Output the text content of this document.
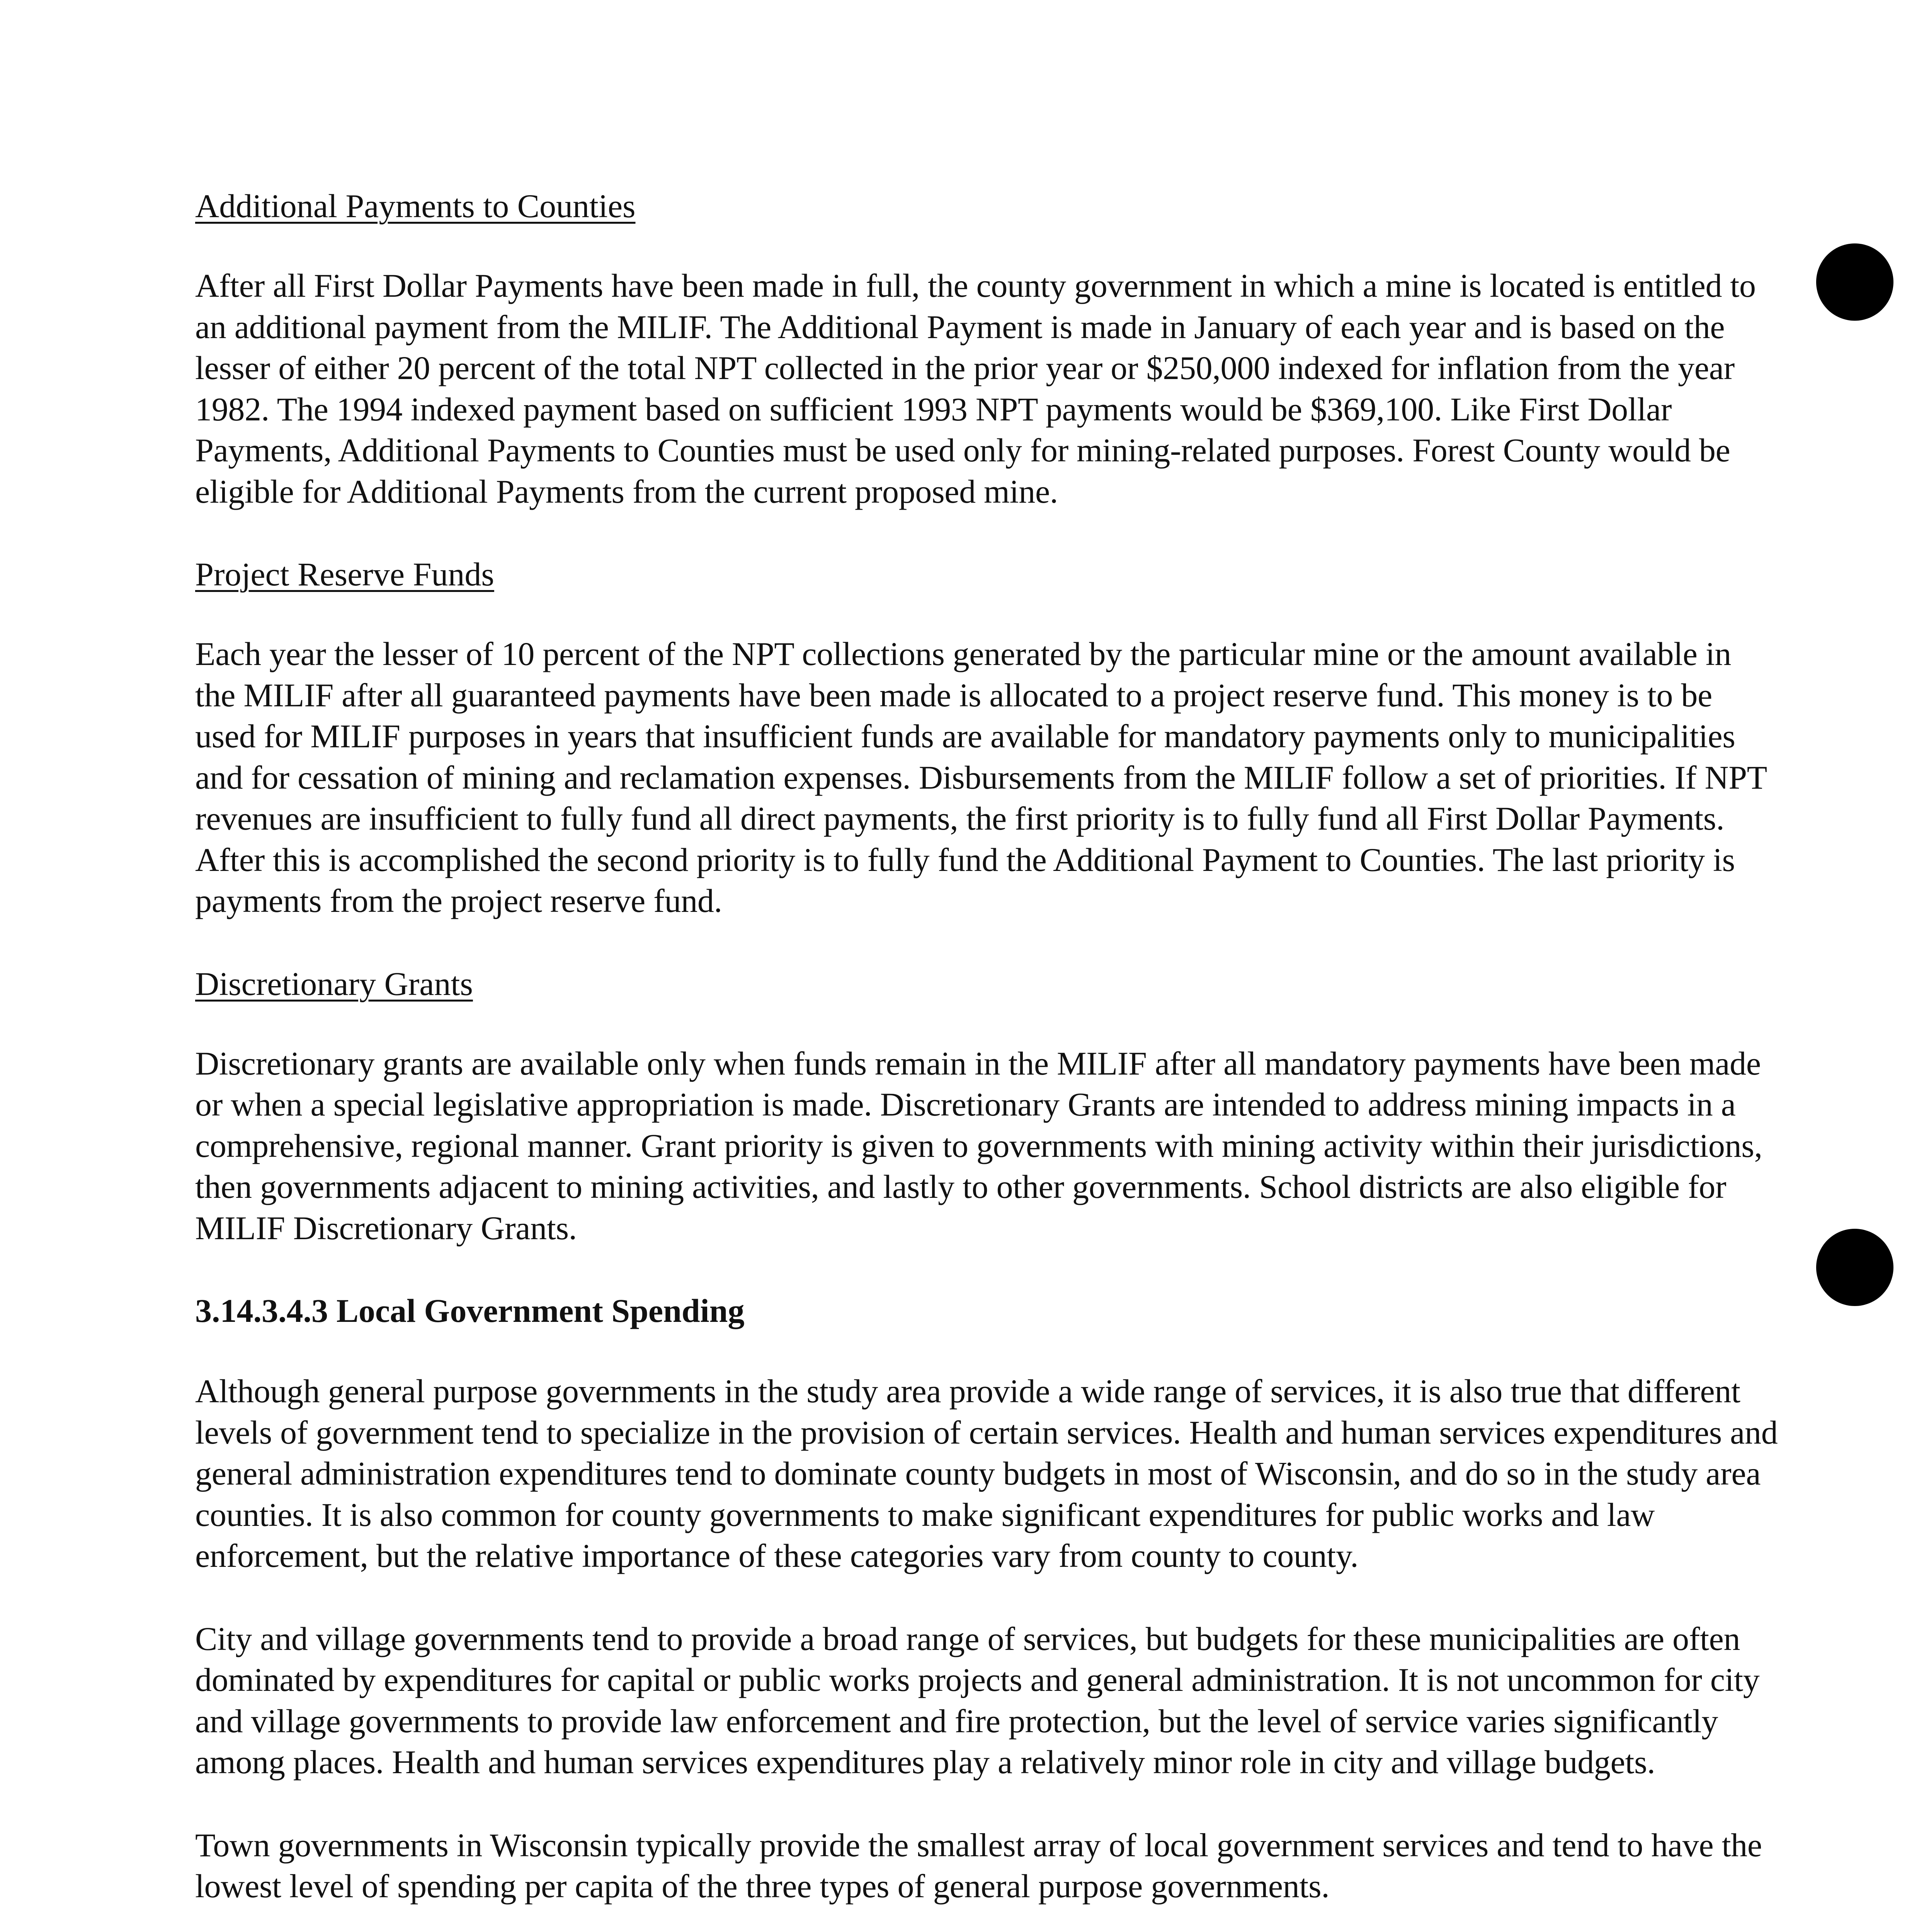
Additional Payments to Counties

After all First Dollar Payments have been made in full, the county government in which a mine is located is entitled to an additional payment from the MILIF. The Additional Payment is made in January of each year and is based on the lesser of either 20 percent of the total NPT collected in the prior year or $250,000 indexed for inflation from the year 1982. The 1994 indexed payment based on sufficient 1993 NPT payments would be $369,100. Like First Dollar Payments, Additional Payments to Counties must be used only for mining-related purposes. Forest County would be eligible for Additional Payments from the current proposed mine.

Project Reserve Funds

Each year the lesser of 10 percent of the NPT collections generated by the particular mine or the amount available in the MILIF after all guaranteed payments have been made is allocated to a project reserve fund. This money is to be used for MILIF purposes in years that insufficient funds are available for mandatory payments only to municipalities and for cessation of mining and reclamation expenses. Disbursements from the MILIF follow a set of priorities. If NPT revenues are insufficient to fully fund all direct payments, the first priority is to fully fund all First Dollar Payments. After this is accomplished the second priority is to fully fund the Additional Payment to Counties. The last priority is payments from the project reserve fund.

Discretionary Grants

Discretionary grants are available only when funds remain in the MILIF after all mandatory payments have been made or when a special legislative appropriation is made. Discretionary Grants are intended to address mining impacts in a comprehensive, regional manner. Grant priority is given to governments with mining activity within their jurisdictions, then governments adjacent to mining activities, and lastly to other governments. School districts are also eligible for MILIF Discretionary Grants.

3.14.3.4.3 Local Government Spending

Although general purpose governments in the study area provide a wide range of services, it is also true that different levels of government tend to specialize in the provision of certain services. Health and human services expenditures and general administration expenditures tend to dominate county budgets in most of Wisconsin, and do so in the study area counties. It is also common for county governments to make significant expenditures for public works and law enforcement, but the relative importance of these categories vary from county to county.

City and village governments tend to provide a broad range of services, but budgets for these municipalities are often dominated by expenditures for capital or public works projects and general administration. It is not uncommon for city and village governments to provide law enforcement and fire protection, but the level of service varies significantly among places. Health and human services expenditures play a relatively minor role in city and village budgets.

Town governments in Wisconsin typically provide the smallest array of local government services and tend to have the lowest level of spending per capita of the three types of general purpose governments.
